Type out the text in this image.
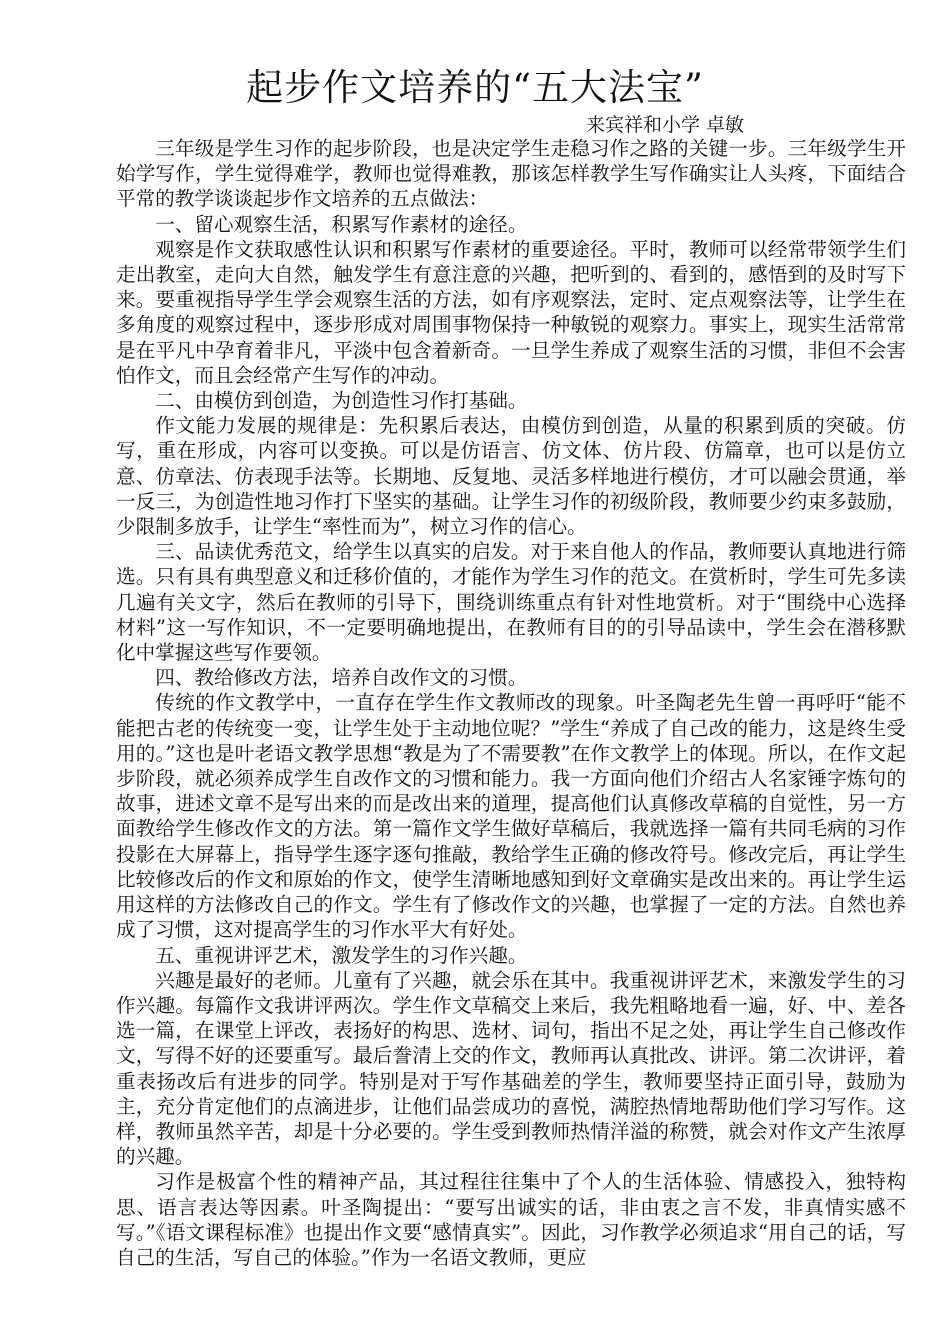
起步作文培养的“五大法宝”
来宾祥和小学 卓敏

三年级是学生习作的起步阶段，也是决定学生走稳习作之路的关键一步。三年级学生开始学写作，学生觉得难学，教师也觉得难教，那该怎样教学生写作确实让人头疼，下面结合平常的教学谈谈起步作文培养的五点做法：

一、留心观察生活，积累写作素材的途径。

观察是作文获取感性认识和积累写作素材的重要途径。平时，教师可以经常带领学生们走出教室，走向大自然，触发学生有意注意的兴趣，把听到的、看到的，感悟到的及时写下来。要重视指导学生学会观察生活的方法，如有序观察法，定时、定点观察法等，让学生在多角度的观察过程中，逐步形成对周围事物保持一种敏锐的观察力。事实上，现实生活常常是在平凡中孕育着非凡，平淡中包含着新奇。一旦学生养成了观察生活的习惯，非但不会害怕作文，而且会经常产生写作的冲动。

二、由模仿到创造，为创造性习作打基础。

作文能力发展的规律是：先积累后表达，由模仿到创造，从量的积累到质的突破。仿写，重在形成，内容可以变换。可以是仿语言、仿文体、仿片段、仿篇章，也可以是仿立意、仿章法、仿表现手法等。长期地、反复地、灵活多样地进行模仿，才可以融会贯通，举一反三，为创造性地习作打下坚实的基础。让学生习作的初级阶段，教师要少约束多鼓励，少限制多放手，让学生“率性而为”，树立习作的信心。

三、品读优秀范文，给学生以真实的启发。对于来自他人的作品，教师要认真地进行筛选。只有具有典型意义和迁移价值的，才能作为学生习作的范文。在赏析时，学生可先多读几遍有关文字，然后在教师的引导下，围绕训练重点有针对性地赏析。对于“围绕中心选择材料”这一写作知识，不一定要明确地提出，在教师有目的的引导品读中，学生会在潜移默化中掌握这些写作要领。

四、教给修改方法，培养自改作文的习惯。

传统的作文教学中，一直存在学生作文教师改的现象。叶圣陶老先生曾一再呼吁“能不能把古老的传统变一变，让学生处于主动地位呢？”学生“养成了自己改的能力，这是终生受用的。”这也是叶老语文教学思想“教是为了不需要教”在作文教学上的体现。所以，在作文起步阶段，就必须养成学生自改作文的习惯和能力。我一方面向他们介绍古人名家锤字炼句的故事，进述文章不是写出来的而是改出来的道理，提高他们认真修改草稿的自觉性，另一方面教给学生修改作文的方法。第一篇作文学生做好草稿后，我就选择一篇有共同毛病的习作投影在大屏幕上，指导学生逐字逐句推敲，教给学生正确的修改符号。修改完后，再让学生比较修改后的作文和原始的作文，使学生清晰地感知到好文章确实是改出来的。再让学生运用这样的方法修改自己的作文。学生有了修改作文的兴趣，也掌握了一定的方法。自然也养成了习惯，这对提高学生的习作水平大有好处。

五、重视讲评艺术，激发学生的习作兴趣。

兴趣是最好的老师。儿童有了兴趣，就会乐在其中。我重视讲评艺术，来激发学生的习作兴趣。每篇作文我讲评两次。学生作文草稿交上来后，我先粗略地看一遍，好、中、差各选一篇，在课堂上评改，表扬好的构思、选材、词句，指出不足之处，再让学生自己修改作文，写得不好的还要重写。最后誊清上交的作文，教师再认真批改、讲评。第二次讲评，着重表扬改后有进步的同学。特别是对于写作基础差的学生，教师要坚持正面引导，鼓励为主，充分肯定他们的点滴进步，让他们品尝成功的喜悦，满腔热情地帮助他们学习写作。这样，教师虽然辛苦，却是十分必要的。学生受到教师热情洋溢的称赞，就会对作文产生浓厚的兴趣。

习作是极富个性的精神产品，其过程往往集中了个人的生活体验、情感投入，独特构思、语言表达等因素。叶圣陶提出：“要写出诚实的话，非由衷之言不发，非真情实感不写。”《语文课程标准》也提出作文要“感情真实”。因此，习作教学必须追求“用自己的话，写自己的生活，写自己的体验。”作为一名语文教师，更应
